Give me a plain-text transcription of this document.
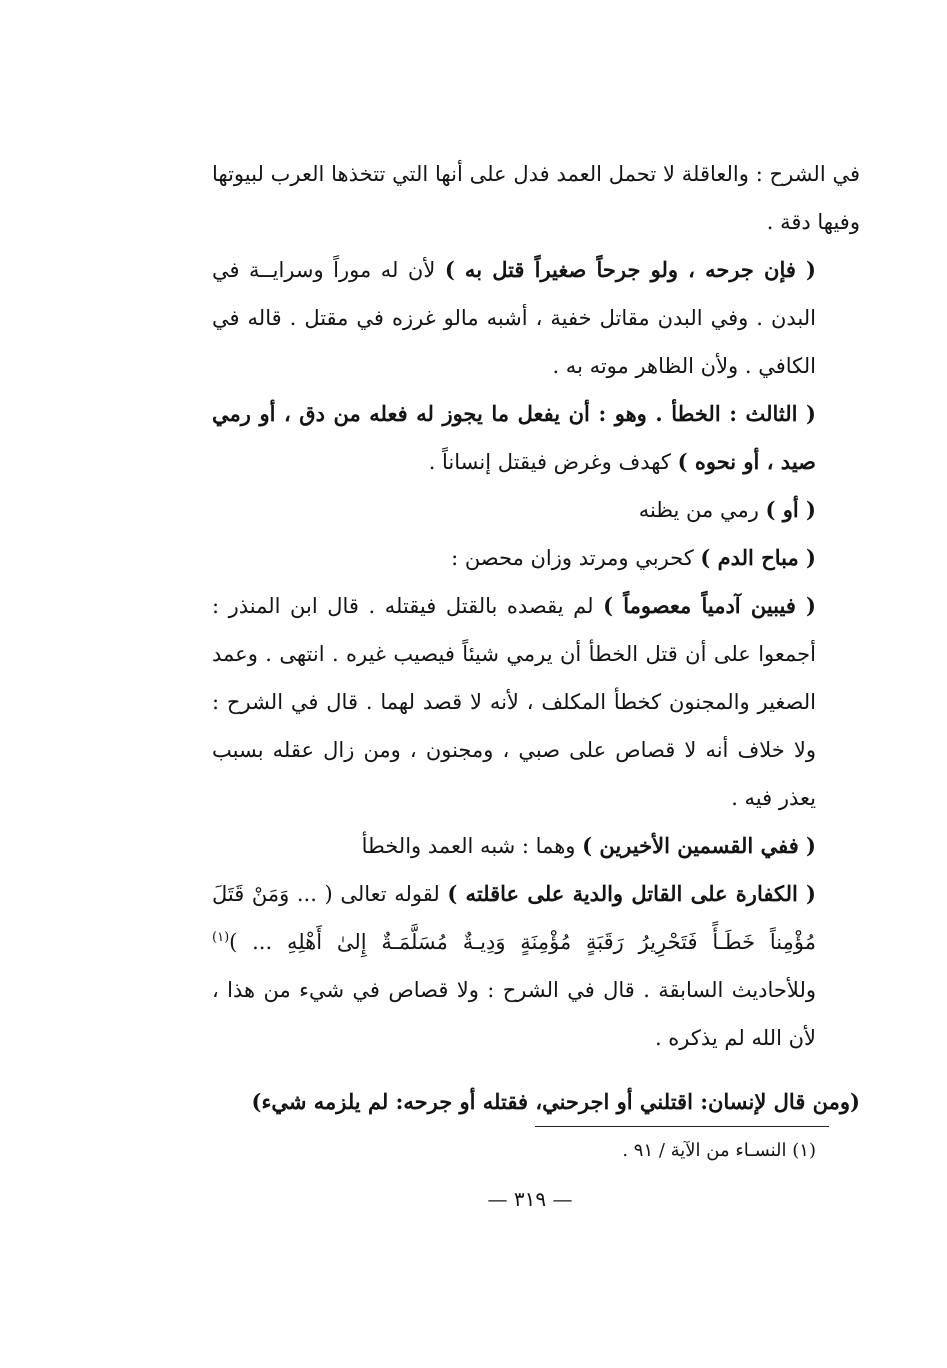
في الشرح : والعاقلة لا تحمل العمد فدل على أنها التي تتخذها العرب لبيوتها وفيها دقة .

( فإن جرحه ، ولو جرحاً صغيراً قتل به ) لأن له موراً وسرايــة في البدن . وفي البدن مقاتل خفية ، أشبه مالو غرزه في مقتل . قاله في الكافي . ولأن الظاهر موته به .

( الثالث : الخطأ . وهو : أن يفعل ما يجوز له فعله من دق ، أو رمي صيد ، أو نحوه ) كهدف وغرض فيقتل إنساناً .

( أو ) رمي من يظنه

( مباح الدم ) كحربي ومرتد وزان محصن :

( فيبين آدمياً معصوماً ) لم يقصده بالقتل فيقتله . قال ابن المنذر : أجمعوا على أن قتل الخطأ أن يرمي شيئاً فيصيب غيره . انتهى . وعمد الصغير والمجنون كخطأ المكلف ، لأنه لا قصد لهما . قال في الشرح : ولا خلاف أنه لا قصاص على صبي ، ومجنون ، ومن زال عقله بسبب يعذر فيه .

( ففي القسمين الأخيرين ) وهما : شبه العمد والخطأ

( الكفارة على القاتل والدية على عاقلته ) لقوله تعالى ( ... وَمَنْ قَتَلَ مُؤْمِناً خَطَـأً فَتَحْرِيرُ رَقَبَةٍ مُؤْمِنَةٍ وَدِيـةٌ مُسَلَّمَـةٌ إِلىٰ أَهْلِهِ ... )$^{(١)}$ وللأحاديث السابقة . قال في الشرح : ولا قصاص في شيء من هذا ، لأن الله لم يذكره .

(ومن قال لإنسان: اقتلني أو اجرحني، فقتله أو جرحه: لم يلزمه شيء)

(١) النسـاء من الآية / ٩١ .

— ٣١٩ —
